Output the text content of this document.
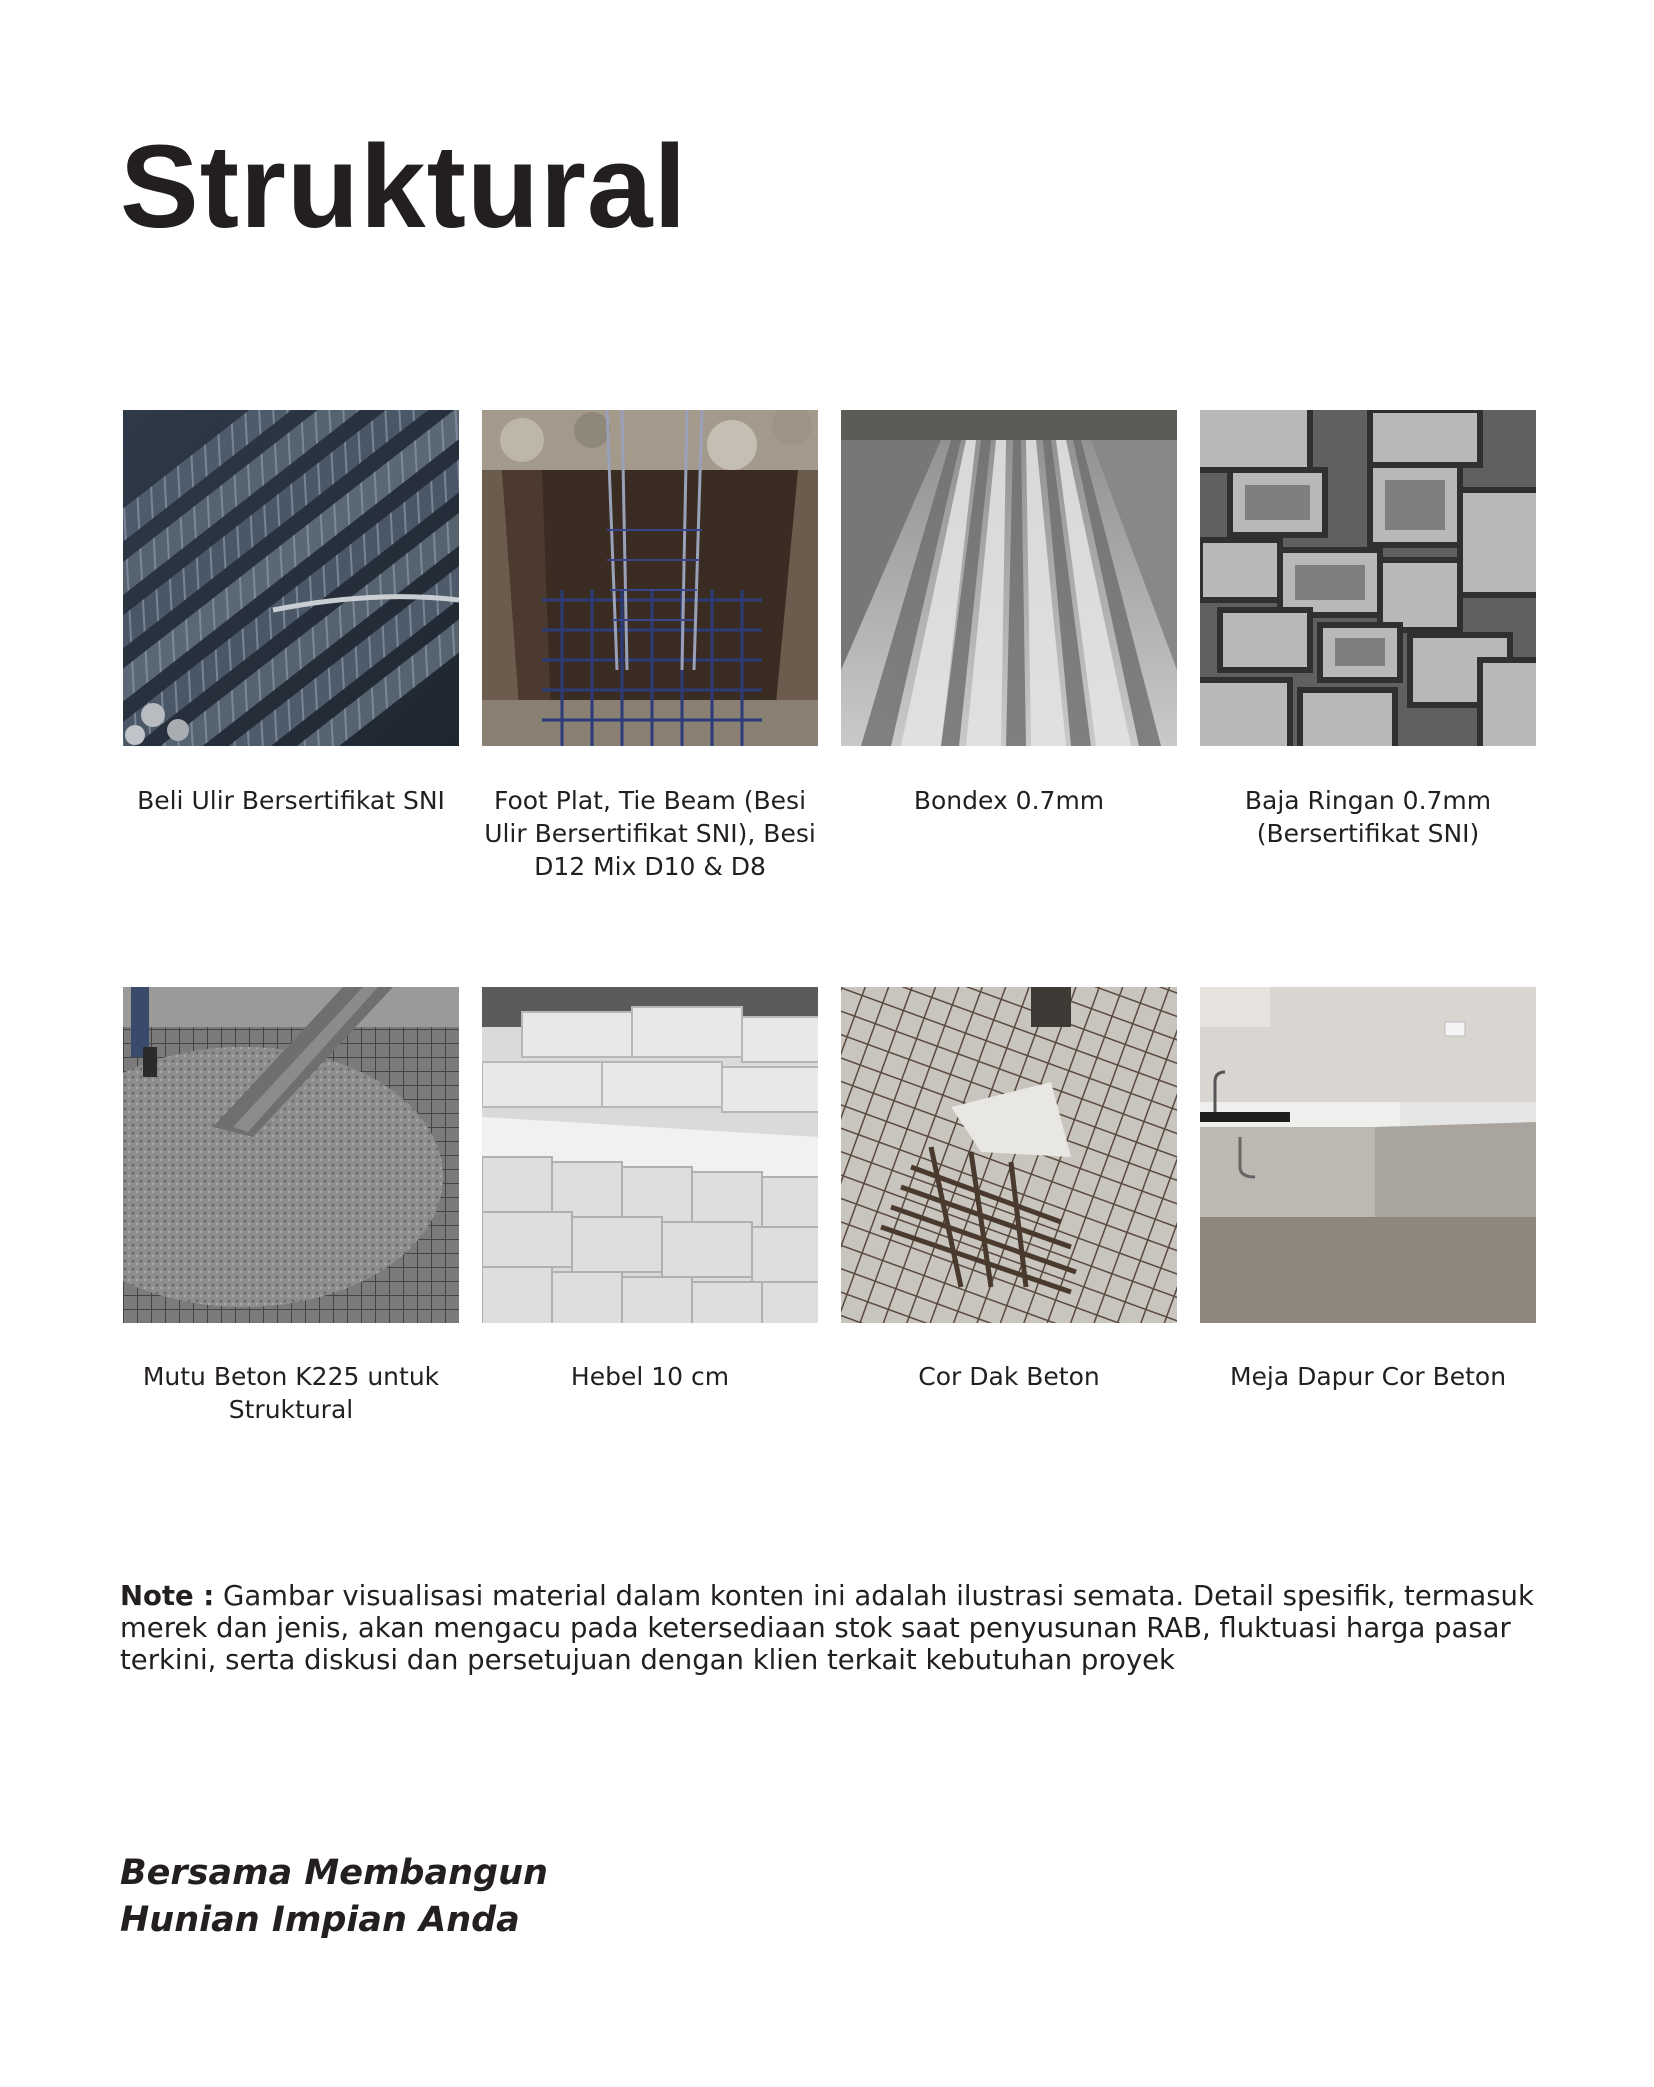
Struktural
Beli Ulir Bersertifikat SNI	Foot Plat, Tie Beam (Besi Ulir Bersertifikat SNI), Besi D12 Mix D10 & D8
Bondex 0.7mm	Baja Ringan 0.7mm (Bersertifikat SNI)
Mutu Beton K225 untuk Struktural
Hebel 10 cm	Cor Dak Beton	Meja Dapur Cor Beton

Note : Gambar visualisasi material dalam konten ini adalah ilustrasi semata. Detail spesifik, termasuk merek dan jenis, akan mengacu pada ketersediaan stok saat penyusunan RAB, fluktuasi harga pasar terkini, serta diskusi dan persetujuan dengan klien terkait kebutuhan proyek

Bersama Membangun
Hunian Impian Anda
